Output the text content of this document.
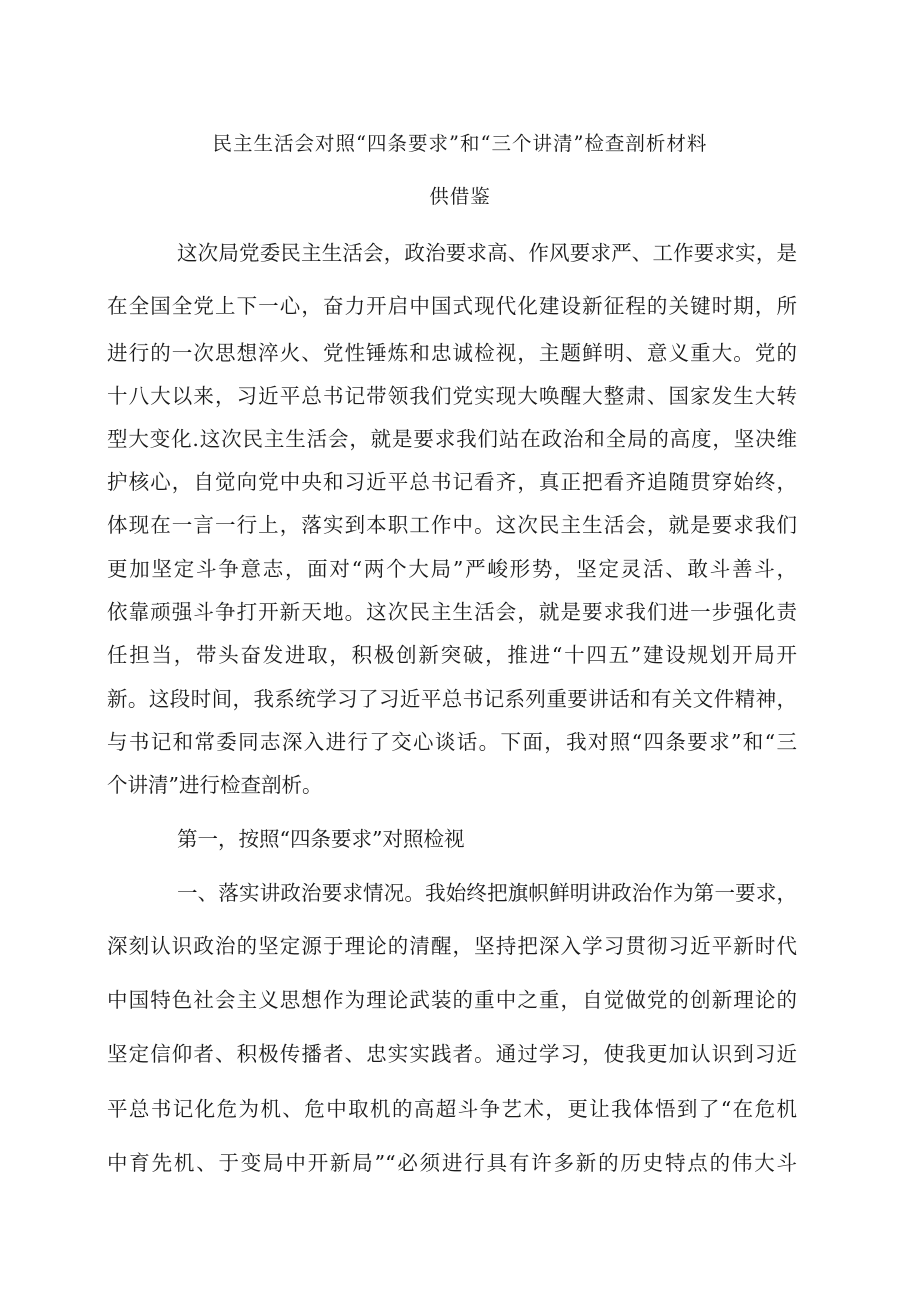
民主生活会对照“四条要求”和“三个讲清”检查剖析材料
供借鉴
这次局党委民主生活会，政治要求高、作风要求严、工作要求实，是
在全国全党上下一心，奋力开启中国式现代化建设新征程的关键时期，所
进行的一次思想淬火、党性锤炼和忠诚检视，主题鲜明、意义重大。党的
十八大以来，习近平总书记带领我们党实现大唤醒大整肃、国家发生大转
型大变化.这次民主生活会，就是要求我们站在政治和全局的高度，坚决维
护核心，自觉向党中央和习近平总书记看齐，真正把看齐追随贯穿始终，
体现在一言一行上，落实到本职工作中。这次民主生活会，就是要求我们
更加坚定斗争意志，面对“两个大局”严峻形势，坚定灵活、敢斗善斗，
依靠顽强斗争打开新天地。这次民主生活会，就是要求我们进一步强化责
任担当，带头奋发进取，积极创新突破，推进“十四五”建设规划开局开
新。这段时间，我系统学习了习近平总书记系列重要讲话和有关文件精神，
与书记和常委同志深入进行了交心谈话。下面，我对照“四条要求”和“三
个讲清”进行检查剖析。
第一，按照“四条要求”对照检视
一、落实讲政治要求情况。我始终把旗帜鲜明讲政治作为第一要求，
深刻认识政治的坚定源于理论的清醒，坚持把深入学习贯彻习近平新时代
中国特色社会主义思想作为理论武装的重中之重，自觉做党的创新理论的
坚定信仰者、积极传播者、忠实实践者。通过学习，使我更加认识到习近
平总书记化危为机、危中取机的高超斗争艺术，更让我体悟到了“在危机
中育先机、于变局中开新局”“必须进行具有许多新的历史特点的伟大斗
